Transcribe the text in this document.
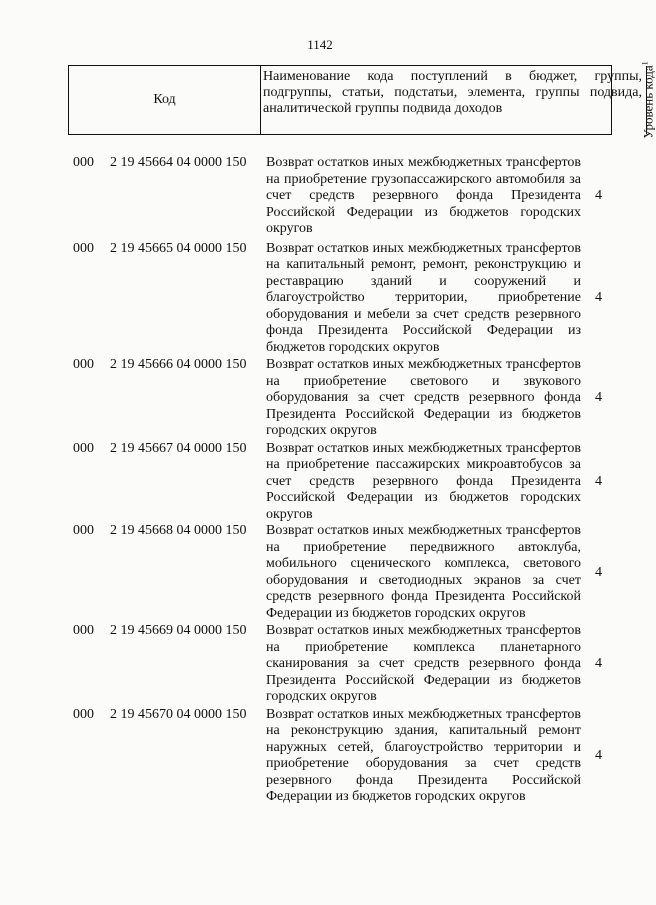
1142
Код
Наименование кода поступлений в бюджет, группы, подгруппы, статьи, подстатьи, элемента, группы подвида, аналитической группы подвида доходов	Уровень кода$^1$
000 2 19 45664 04 0000 150 Возврат остатков иных межбюджетных трансфертов на приобретение грузопассажирского автомобиля за счет средств резервного фонда Президента Российской Федерации из бюджетов городских округов
4
000 2 19 45665 04 0000 150 Возврат остатков иных межбюджетных трансфертов на капитальный ремонт, ремонт, реконструкцию и реставрацию зданий и сооружений и благоустройство территории, приобретение оборудования и мебели за счет средств резервного фонда Президента Российской Федерации из бюджетов городских округов
4
000 2 19 45666 04 0000 150 Возврат остатков иных межбюджетных трансфертов на приобретение светового и звукового оборудования за счет средств резервного фонда Президента Российской Федерации из бюджетов городских округов
4
000 2 19 45667 04 0000 150 Возврат остатков иных межбюджетных трансфертов на приобретение пассажирских микроавтобусов за счет средств резервного фонда Президента Российской Федерации из бюджетов городских округов
4
000 2 19 45668 04 0000 150 Возврат остатков иных межбюджетных трансфертов на приобретение передвижного автоклуба, мобильного сценического комплекса, светового оборудования и светодиодных экранов за счет средств резервного фонда Президента Российской Федерации из бюджетов городских округов
4
000 2 19 45669 04 0000 150 Возврат остатков иных межбюджетных трансфертов на приобретение комплекса планетарного сканирования за счет средств резервного фонда Президента Российской Федерации из бюджетов городских округов
4
000 2 19 45670 04 0000 150 Возврат остатков иных межбюджетных трансфертов на реконструкцию здания, капитальный ремонт наружных сетей, благоустройство территории и приобретение оборудования за счет средств резервного фонда Президента Российской Федерации из бюджетов городских округов
4
